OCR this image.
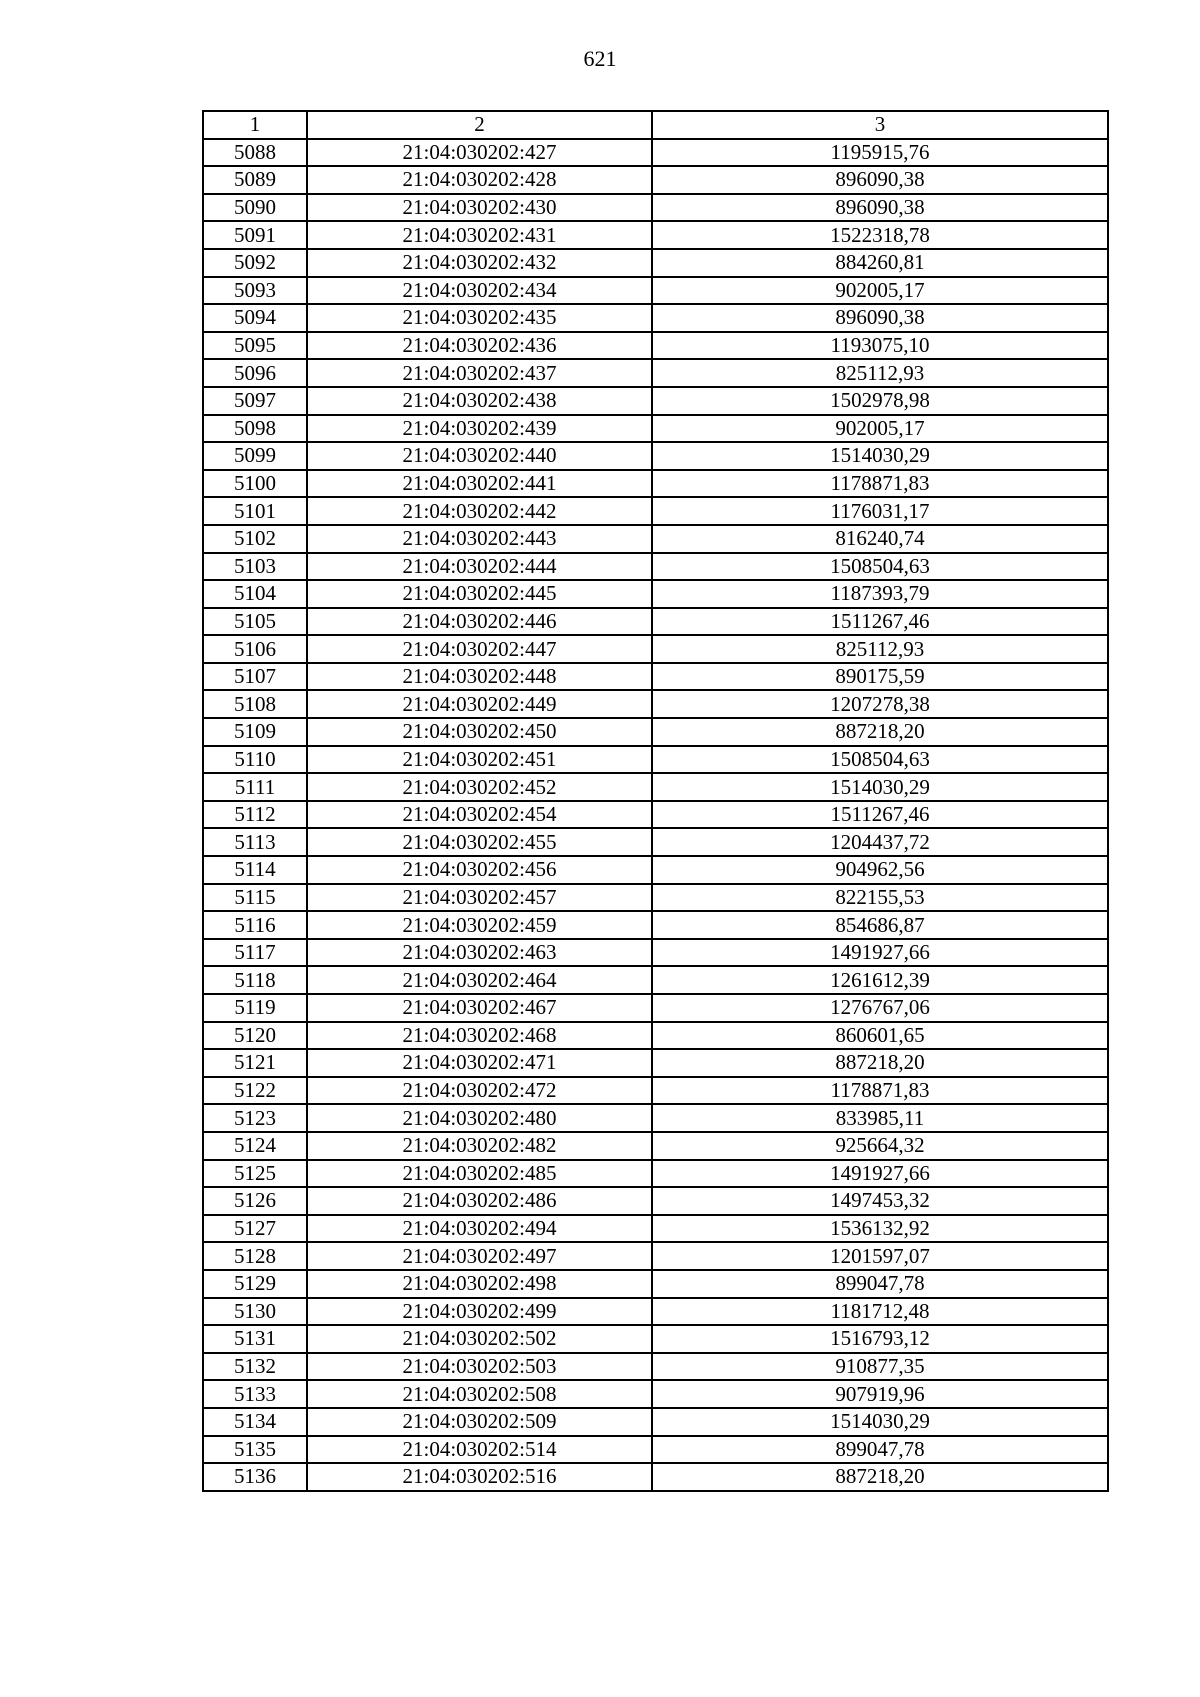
621
1	2	3
5088	21:04:030202:427	1195915,76
5089	21:04:030202:428	896090,38
5090	21:04:030202:430	896090,38
5091	21:04:030202:431	1522318,78
5092	21:04:030202:432	884260,81
5093	21:04:030202:434	902005,17
5094	21:04:030202:435	896090,38
5095	21:04:030202:436	1193075,10
5096	21:04:030202:437	825112,93
5097	21:04:030202:438	1502978,98
5098	21:04:030202:439	902005,17
5099	21:04:030202:440	1514030,29
5100	21:04:030202:441	1178871,83
5101	21:04:030202:442	1176031,17
5102	21:04:030202:443	816240,74
5103	21:04:030202:444	1508504,63
5104	21:04:030202:445	1187393,79
5105	21:04:030202:446	1511267,46
5106	21:04:030202:447	825112,93
5107	21:04:030202:448	890175,59
5108	21:04:030202:449	1207278,38
5109	21:04:030202:450	887218,20
5110	21:04:030202:451	1508504,63
5111	21:04:030202:452	1514030,29
5112	21:04:030202:454	1511267,46
5113	21:04:030202:455	1204437,72
5114	21:04:030202:456	904962,56
5115	21:04:030202:457	822155,53
5116	21:04:030202:459	854686,87
5117	21:04:030202:463	1491927,66
5118	21:04:030202:464	1261612,39
5119	21:04:030202:467	1276767,06
5120	21:04:030202:468	860601,65
5121	21:04:030202:471	887218,20
5122	21:04:030202:472	1178871,83
5123	21:04:030202:480	833985,11
5124	21:04:030202:482	925664,32
5125	21:04:030202:485	1491927,66
5126	21:04:030202:486	1497453,32
5127	21:04:030202:494	1536132,92
5128	21:04:030202:497	1201597,07
5129	21:04:030202:498	899047,78
5130	21:04:030202:499	1181712,48
5131	21:04:030202:502	1516793,12
5132	21:04:030202:503	910877,35
5133	21:04:030202:508	907919,96
5134	21:04:030202:509	1514030,29
5135	21:04:030202:514	899047,78
5136	21:04:030202:516	887218,20
